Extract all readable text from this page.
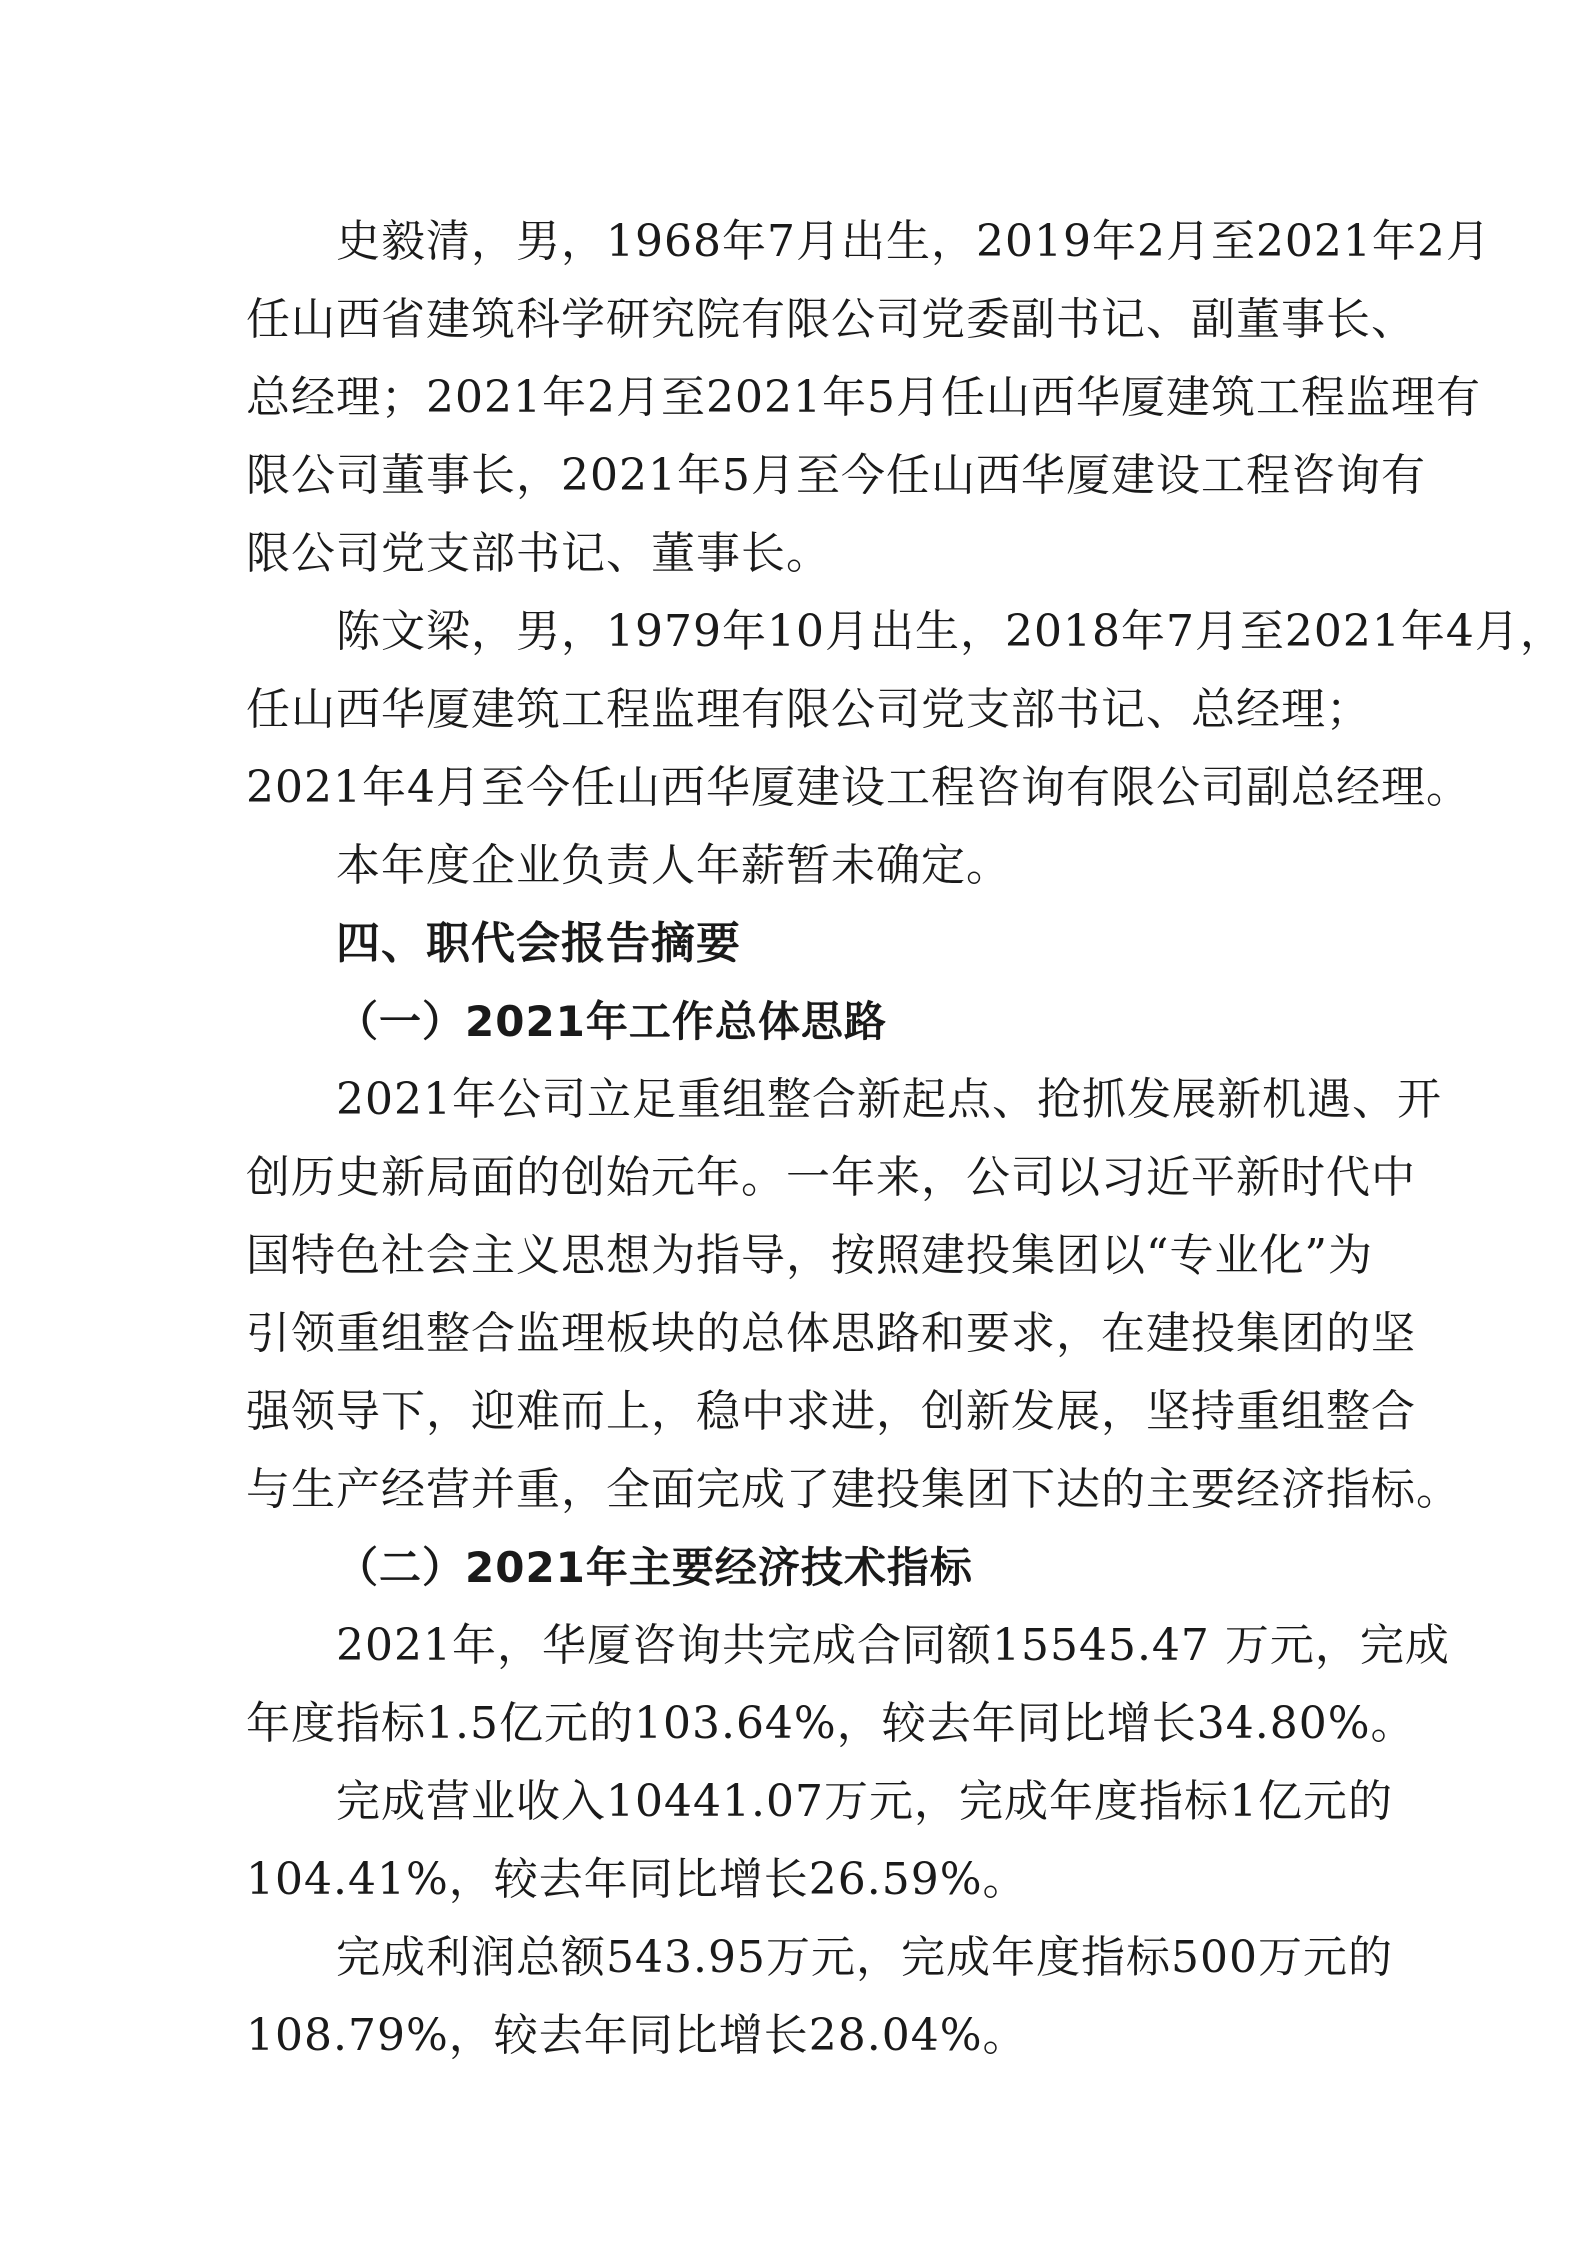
史毅清，男，1968年7月出生，2019年2月至2021年2月

任山西省建筑科学研究院有限公司党委副书记、副董事长、

总经理；2021年2月至2021年5月任山西华厦建筑工程监理有

限公司董事长，2021年5月至今任山西华厦建设工程咨询有

限公司党支部书记、董事长。

陈文梁，男，1979年10月出生，2018年7月至2021年4月，

任山西华厦建筑工程监理有限公司党支部书记、总经理；

2021年4月至今任山西华厦建设工程咨询有限公司副总经理。

本年度企业负责人年薪暂未确定。

四、职代会报告摘要

（一）2021年工作总体思路

2021年公司立足重组整合新起点、抢抓发展新机遇、开

创历史新局面的创始元年。一年来，公司以习近平新时代中

国特色社会主义思想为指导，按照建投集团以“专业化”为

引领重组整合监理板块的总体思路和要求，在建投集团的坚

强领导下，迎难而上，稳中求进，创新发展，坚持重组整合

与生产经营并重，全面完成了建投集团下达的主要经济指标。

（二）2021年主要经济技术指标

2021年，华厦咨询共完成合同额15545.47 万元，完成

年度指标1.5亿元的103.64%，较去年同比增长34.80%。

完成营业收入10441.07万元，完成年度指标1亿元的

104.41%，较去年同比增长26.59%。

完成利润总额543.95万元，完成年度指标500万元的

108.79%，较去年同比增长28.04%。
